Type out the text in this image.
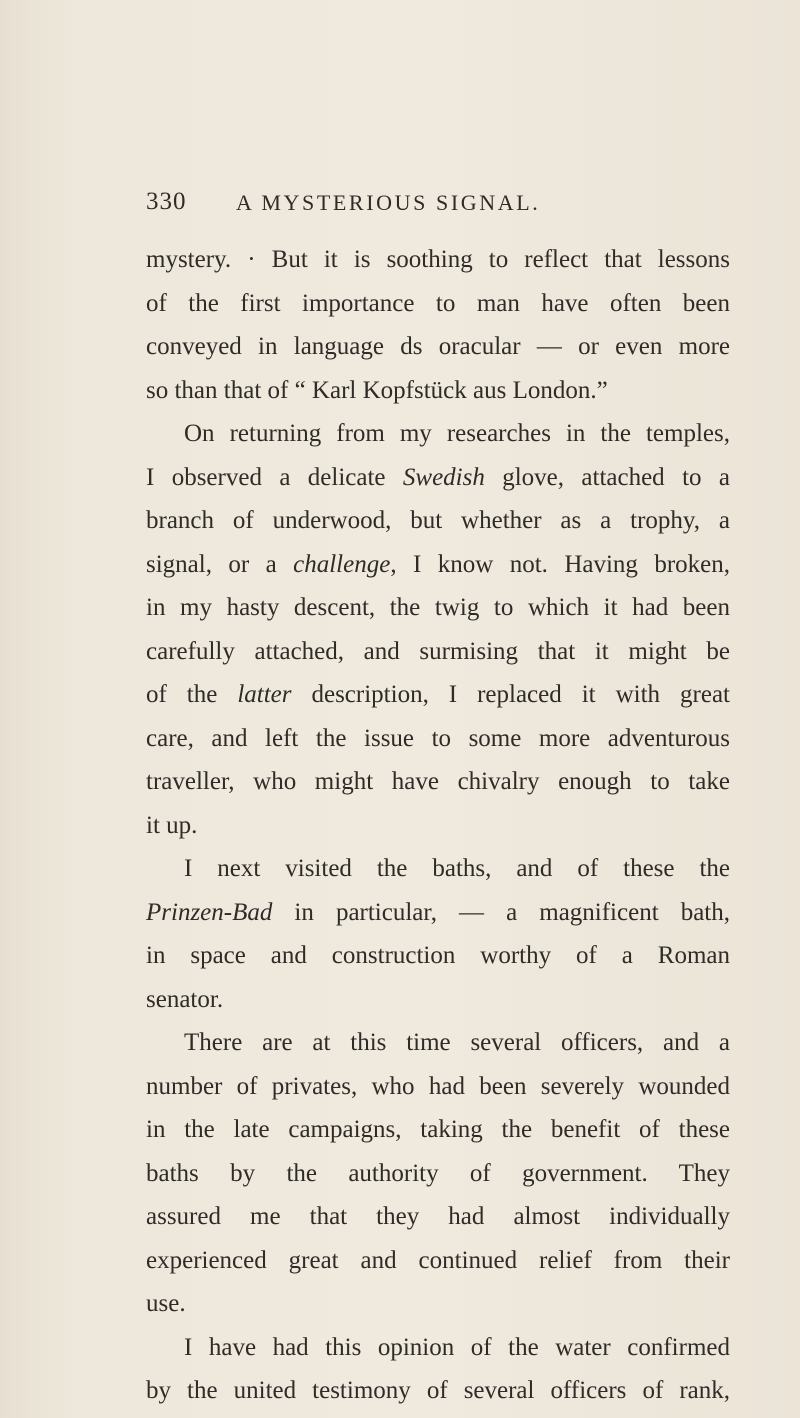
330 A MYSTERIOUS SIGNAL.
mystery. · But it is soothing to reflect that lessons
of the first importance to man have often been
conveyed in language ds oracular — or even more
so than that of “ Karl Kopfstück aus London.”
On returning from my researches in the temples,
I observed a delicate Swedish glove, attached to a
branch of underwood, but whether as a trophy, a
signal, or a challenge, I know not. Having broken,
in my hasty descent, the twig to which it had been
carefully attached, and surmising that it might be
of the latter description, I replaced it with great
care, and left the issue to some more adventurous
traveller, who might have chivalry enough to take
it up.
I next visited the baths, and of these the
Prinzen-Bad in particular, — a magnificent bath,
in space and construction worthy of a Roman
senator.
There are at this time several officers, and a
number of privates, who had been severely wounded
in the late campaigns, taking the benefit of these
baths by the authority of government. They
assured me that they had almost individually
experienced great and continued relief from their
use.
I have had this opinion of the water confirmed
by the united testimony of several officers of rank,
